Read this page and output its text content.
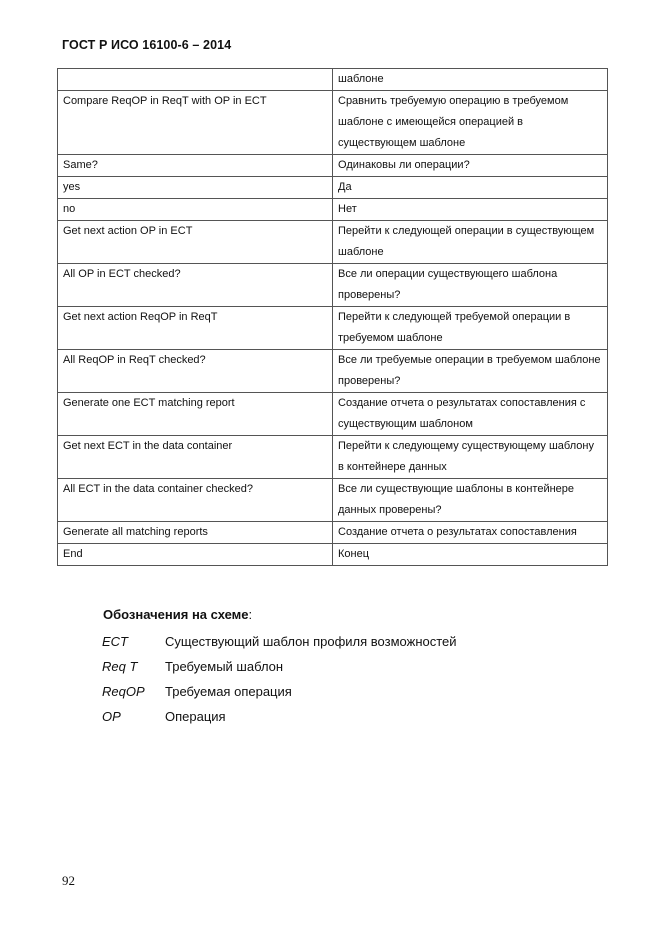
ГОСТ Р ИСО 16100-6 – 2014
	шаблоне
Compare ReqOP in ReqT with OP in ECT	Сравнить требуемую операцию в требуемом шаблоне с имеющейся операцией в существующем шаблоне
Same?	Одинаковы ли операции?
yes	Да
no	Нет
Get next action OP in ECT	Перейти к следующей операции в существующем шаблоне
All OP in ECT checked?	Все ли операции существующего шаблона проверены?
Get next action ReqOP in ReqT	Перейти к следующей требуемой операции в требуемом шаблоне
All ReqOP in ReqT checked?	Все ли требуемые операции в требуемом шаблоне проверены?
Generate one ECT matching report	Создание отчета о результатах сопоставления с существующим шаблоном
Get next ECT in the data container	Перейти к следующему существующему шаблону в контейнере данных
All ECT in the data container checked?	Все ли существующие шаблоны в контейнере данных проверены?
Generate all matching reports	Создание отчета о результатах сопоставления
End	Конец
Обозначения на схеме:
ECT	Существующий шаблон профиля возможностей
Req T	Требуемый шаблон
ReqOP	Требуемая операция
OP	Операция
92
